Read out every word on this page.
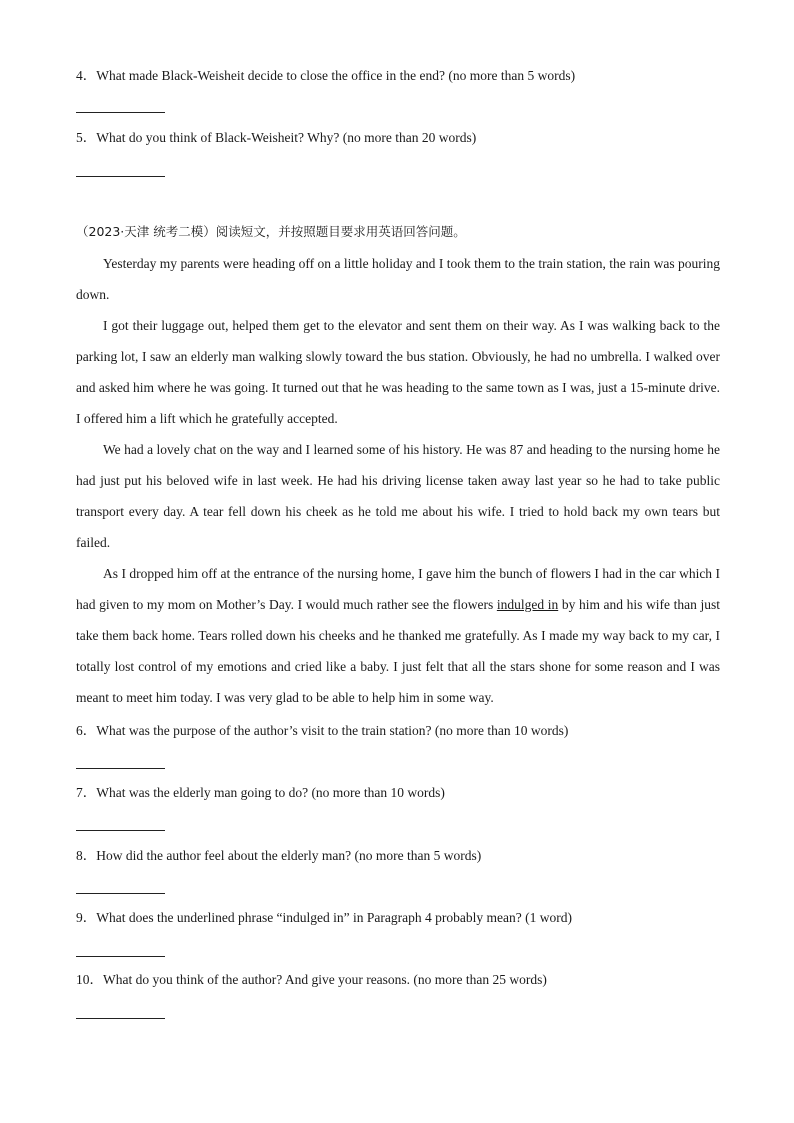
4．What made Black-Weisheit decide to close the office in the end? (no more than 5 words)
5．What do you think of Black-Weisheit? Why? (no more than 20 words)
（2023·天津 统考二模）阅读短文，并按照题目要求用英语回答问题。

Yesterday my parents were heading off on a little holiday and I took them to the train station, the rain was pouring down.

I got their luggage out, helped them get to the elevator and sent them on their way. As I was walking back to the parking lot, I saw an elderly man walking slowly toward the bus station. Obviously, he had no umbrella. I walked over and asked him where he was going. It turned out that he was heading to the same town as I was, just a 15-minute drive. I offered him a lift which he gratefully accepted.

We had a lovely chat on the way and I learned some of his history. He was 87 and heading to the nursing home he had just put his beloved wife in last week. He had his driving license taken away last year so he had to take public transport every day. A tear fell down his cheek as he told me about his wife. I tried to hold back my own tears but failed.

As I dropped him off at the entrance of the nursing home, I gave him the bunch of flowers I had in the car which I had given to my mom on Mother’s Day. I would much rather see the flowers indulged in by him and his wife than just take them back home. Tears rolled down his cheeks and he thanked me gratefully. As I made my way back to my car, I totally lost control of my emotions and cried like a baby. I just felt that all the stars shone for some reason and I was meant to meet him today. I was very glad to be able to help him in some way.

6．What was the purpose of the author’s visit to the train station? (no more than 10 words)
7．What was the elderly man going to do? (no more than 10 words)
8．How did the author feel about the elderly man? (no more than 5 words)
9．What does the underlined phrase “indulged in” in Paragraph 4 probably mean? (1 word)
10．What do you think of the author? And give your reasons. (no more than 25 words)
